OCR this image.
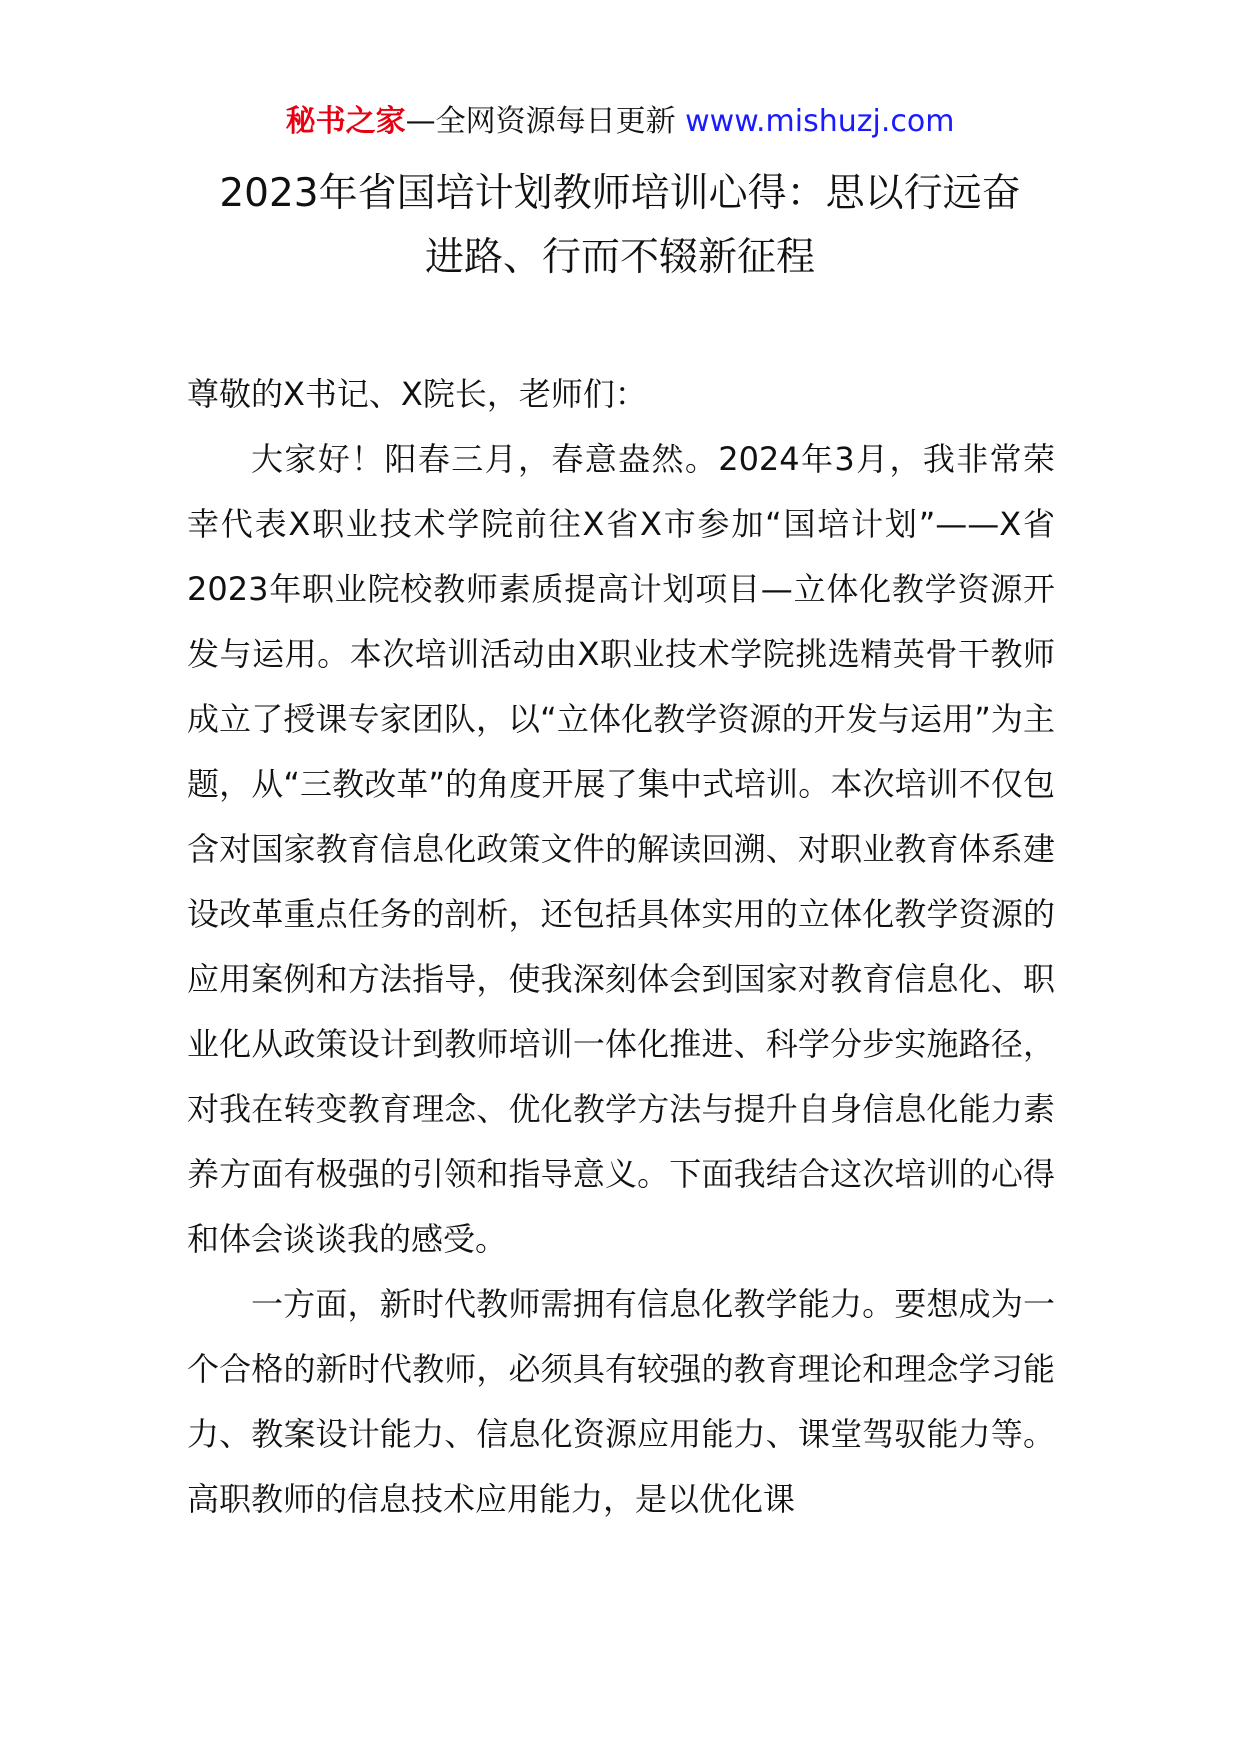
秘书之家—全网资源每日更新 www.mishuzj.com
2023年省国培计划教师培训心得：思以行远奋
进路、行而不辍新征程

尊敬的X书记、X院长，老师们：

大家好！阳春三月，春意盎然。2024年3月，我非常荣幸代表X职业技术学院前往X省X市参加“国培计划”——X省2023年职业院校教师素质提高计划项目—立体化教学资源开发与运用。本次培训活动由X职业技术学院挑选精英骨干教师成立了授课专家团队，以“立体化教学资源的开发与运用”为主题，从“三教改革”的角度开展了集中式培训。本次培训不仅包含对国家教育信息化政策文件的解读回溯、对职业教育体系建设改革重点任务的剖析，还包括具体实用的立体化教学资源的应用案例和方法指导，使我深刻体会到国家对教育信息化、职业化从政策设计到教师培训一体化推进、科学分步实施路径，对我在转变教育理念、优化教学方法与提升自身信息化能力素养方面有极强的引领和指导意义。下面我结合这次培训的心得和体会谈谈我的感受。

一方面，新时代教师需拥有信息化教学能力。要想成为一个合格的新时代教师，必须具有较强的教育理论和理念学习能力、教案设计能力、信息化资源应用能力、课堂驾驭能力等。高职教师的信息技术应用能力，是以优化课
